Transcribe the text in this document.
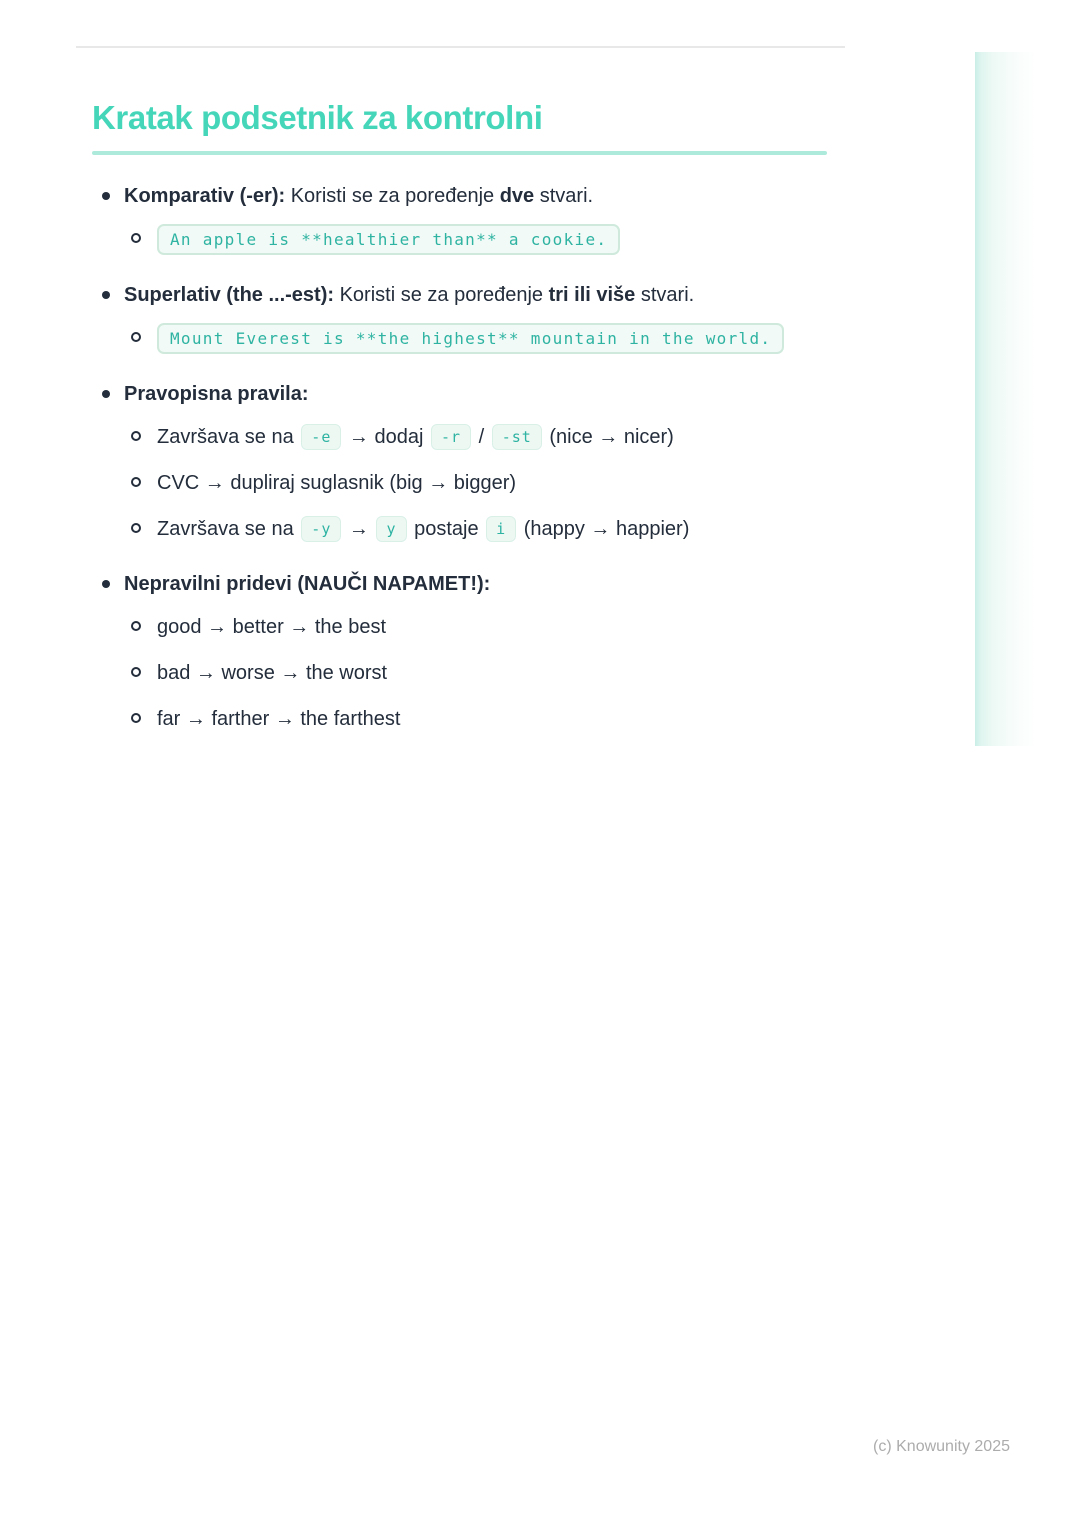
Kratak podsetnik za kontrolni
Komparativ (-er): Koristi se za poređenje dve stvari.
An apple is **healthier than** a cookie.
Superlativ (the ...-est): Koristi se za poređenje tri ili više stvari.
Mount Everest is **the highest** mountain in the world.
Pravopisna pravila:
Završava se na -e → dodaj -r / -st (nice → nicer)
CVC → dupliraj suglasnik (big → bigger)
Završava se na -y → y postaje i (happy → happier)
Nepravilni pridevi (NAUČI NAPAMET!):
good → better → the best
bad → worse → the worst
far → farther → the farthest
(c) Knowunity 2025
